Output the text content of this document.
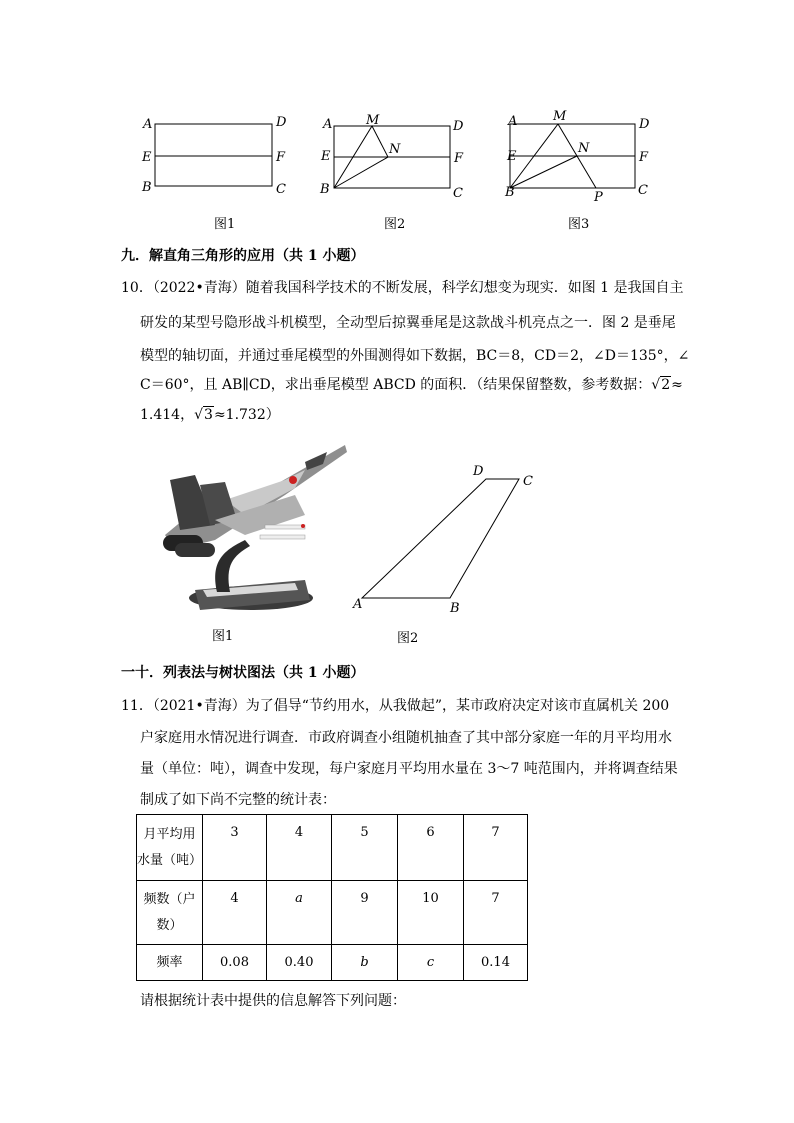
A	D
E	F
B	C
A	M
N
D
E	F
B	C
A	M
N
D
E	F
B	P	C
图1	图2	图3
九．解直角三角形的应用（共 1 小题）
10．（2022•青海）随着我国科学技术的不断发展，科学幻想变为现实．如图 1 是我国自主
研发的某型号隐形战斗机模型，全动型后掠翼垂尾是这款战斗机亮点之一．图 2 是垂尾
模型的轴切面，并通过垂尾模型的外围测得如下数据，BC＝8，CD＝2，∠D＝135°，∠
C＝60°，且 AB∥CD，求出垂尾模型 ABCD 的面积．（结果保留整数，参考数据：√2≈
1.414，√3≈1.732）
D
C
A	B
图1	图2
一十．列表法与树状图法（共 1 小题）
11．（2021•青海）为了倡导“节约用水，从我做起”，某市政府决定对该市直属机关 200
户家庭用水情况进行调查．市政府调查小组随机抽查了其中部分家庭一年的月平均用水
量（单位：吨），调查中发现，每户家庭月平均用水量在 3～7 吨范围内，并将调查结果
制成了如下尚不完整的统计表：
月平均用
水量（吨）	3	4	5	6	7
频数（户
数）	4	a	9	10	7
频率	0.08	0.40	b	c	0.14
请根据统计表中提供的信息解答下列问题：
